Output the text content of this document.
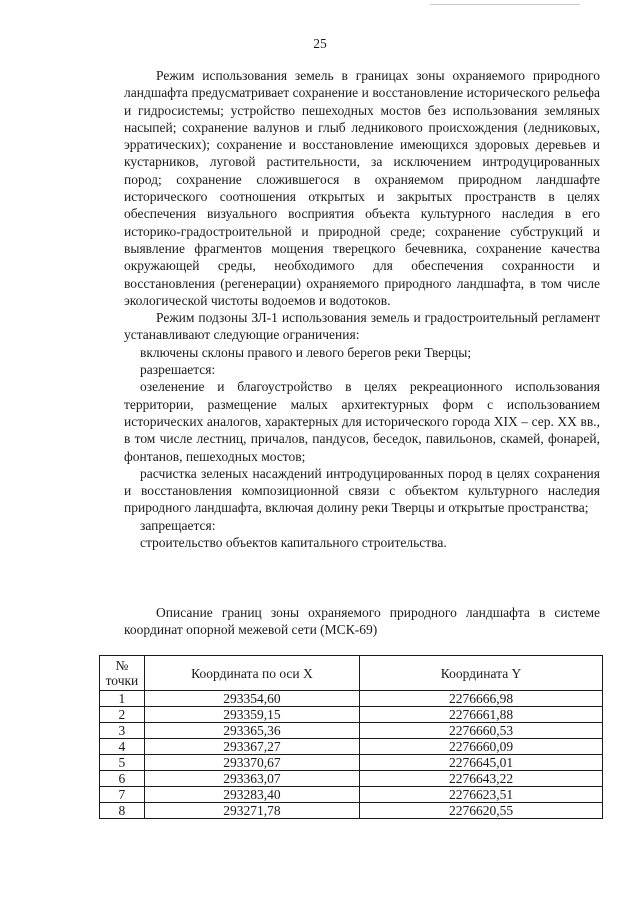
25

Режим использования земель в границах зоны охраняемого природного ландшафта предусматривает сохранение и восстановление исторического рельефа и гидросистемы; устройство пешеходных мостов без использования земляных насыпей; сохранение валунов и глыб ледникового происхождения (ледниковых, эрратических); сохранение и восстановление имеющихся здоровых деревьев и кустарников, луговой растительности, за исключением интродуцированных пород; сохранение сложившегося в охраняемом природном ландшафте исторического соотношения открытых и закрытых пространств в целях обеспечения визуального восприятия объекта культурного наследия в его историко-градостроительной и природной среде; сохранение субструкций и выявление фрагментов мощения тверецкого бечевника, сохранение качества окружающей среды, необходимого для обеспечения сохранности и восстановления (регенерации) охраняемого природного ландшафта, в том числе экологической чистоты водоемов и водотоков.

Режим подзоны ЗЛ-1 использования земель и градостроительный регламент устанавливают следующие ограничения:

включены склоны правого и левого берегов реки Тверцы;

разрешается:

озеленение и благоустройство в целях рекреационного использования территории, размещение малых архитектурных форм с использованием исторических аналогов, характерных для исторического города XIX – сер. XX вв., в том числе лестниц, причалов, пандусов, беседок, павильонов, скамей, фонарей, фонтанов, пешеходных мостов;

расчистка зеленых насаждений интродуцированных пород в целях сохранения и восстановления композиционной связи с объектом культурного наследия природного ландшафта, включая долину реки Тверцы и открытые пространства;

запрещается:

строительство объектов капитального строительства.

Описание границ зоны охраняемого природного ландшафта в системе координат опорной межевой сети (МСК-69)

№ точки	Координата по оси X	Координата Y
1	293354,60	2276666,98
2	293359,15	2276661,88
3	293365,36	2276660,53
4	293367,27	2276660,09
5	293370,67	2276645,01
6	293363,07	2276643,22
7	293283,40	2276623,51
8	293271,78	2276620,55
